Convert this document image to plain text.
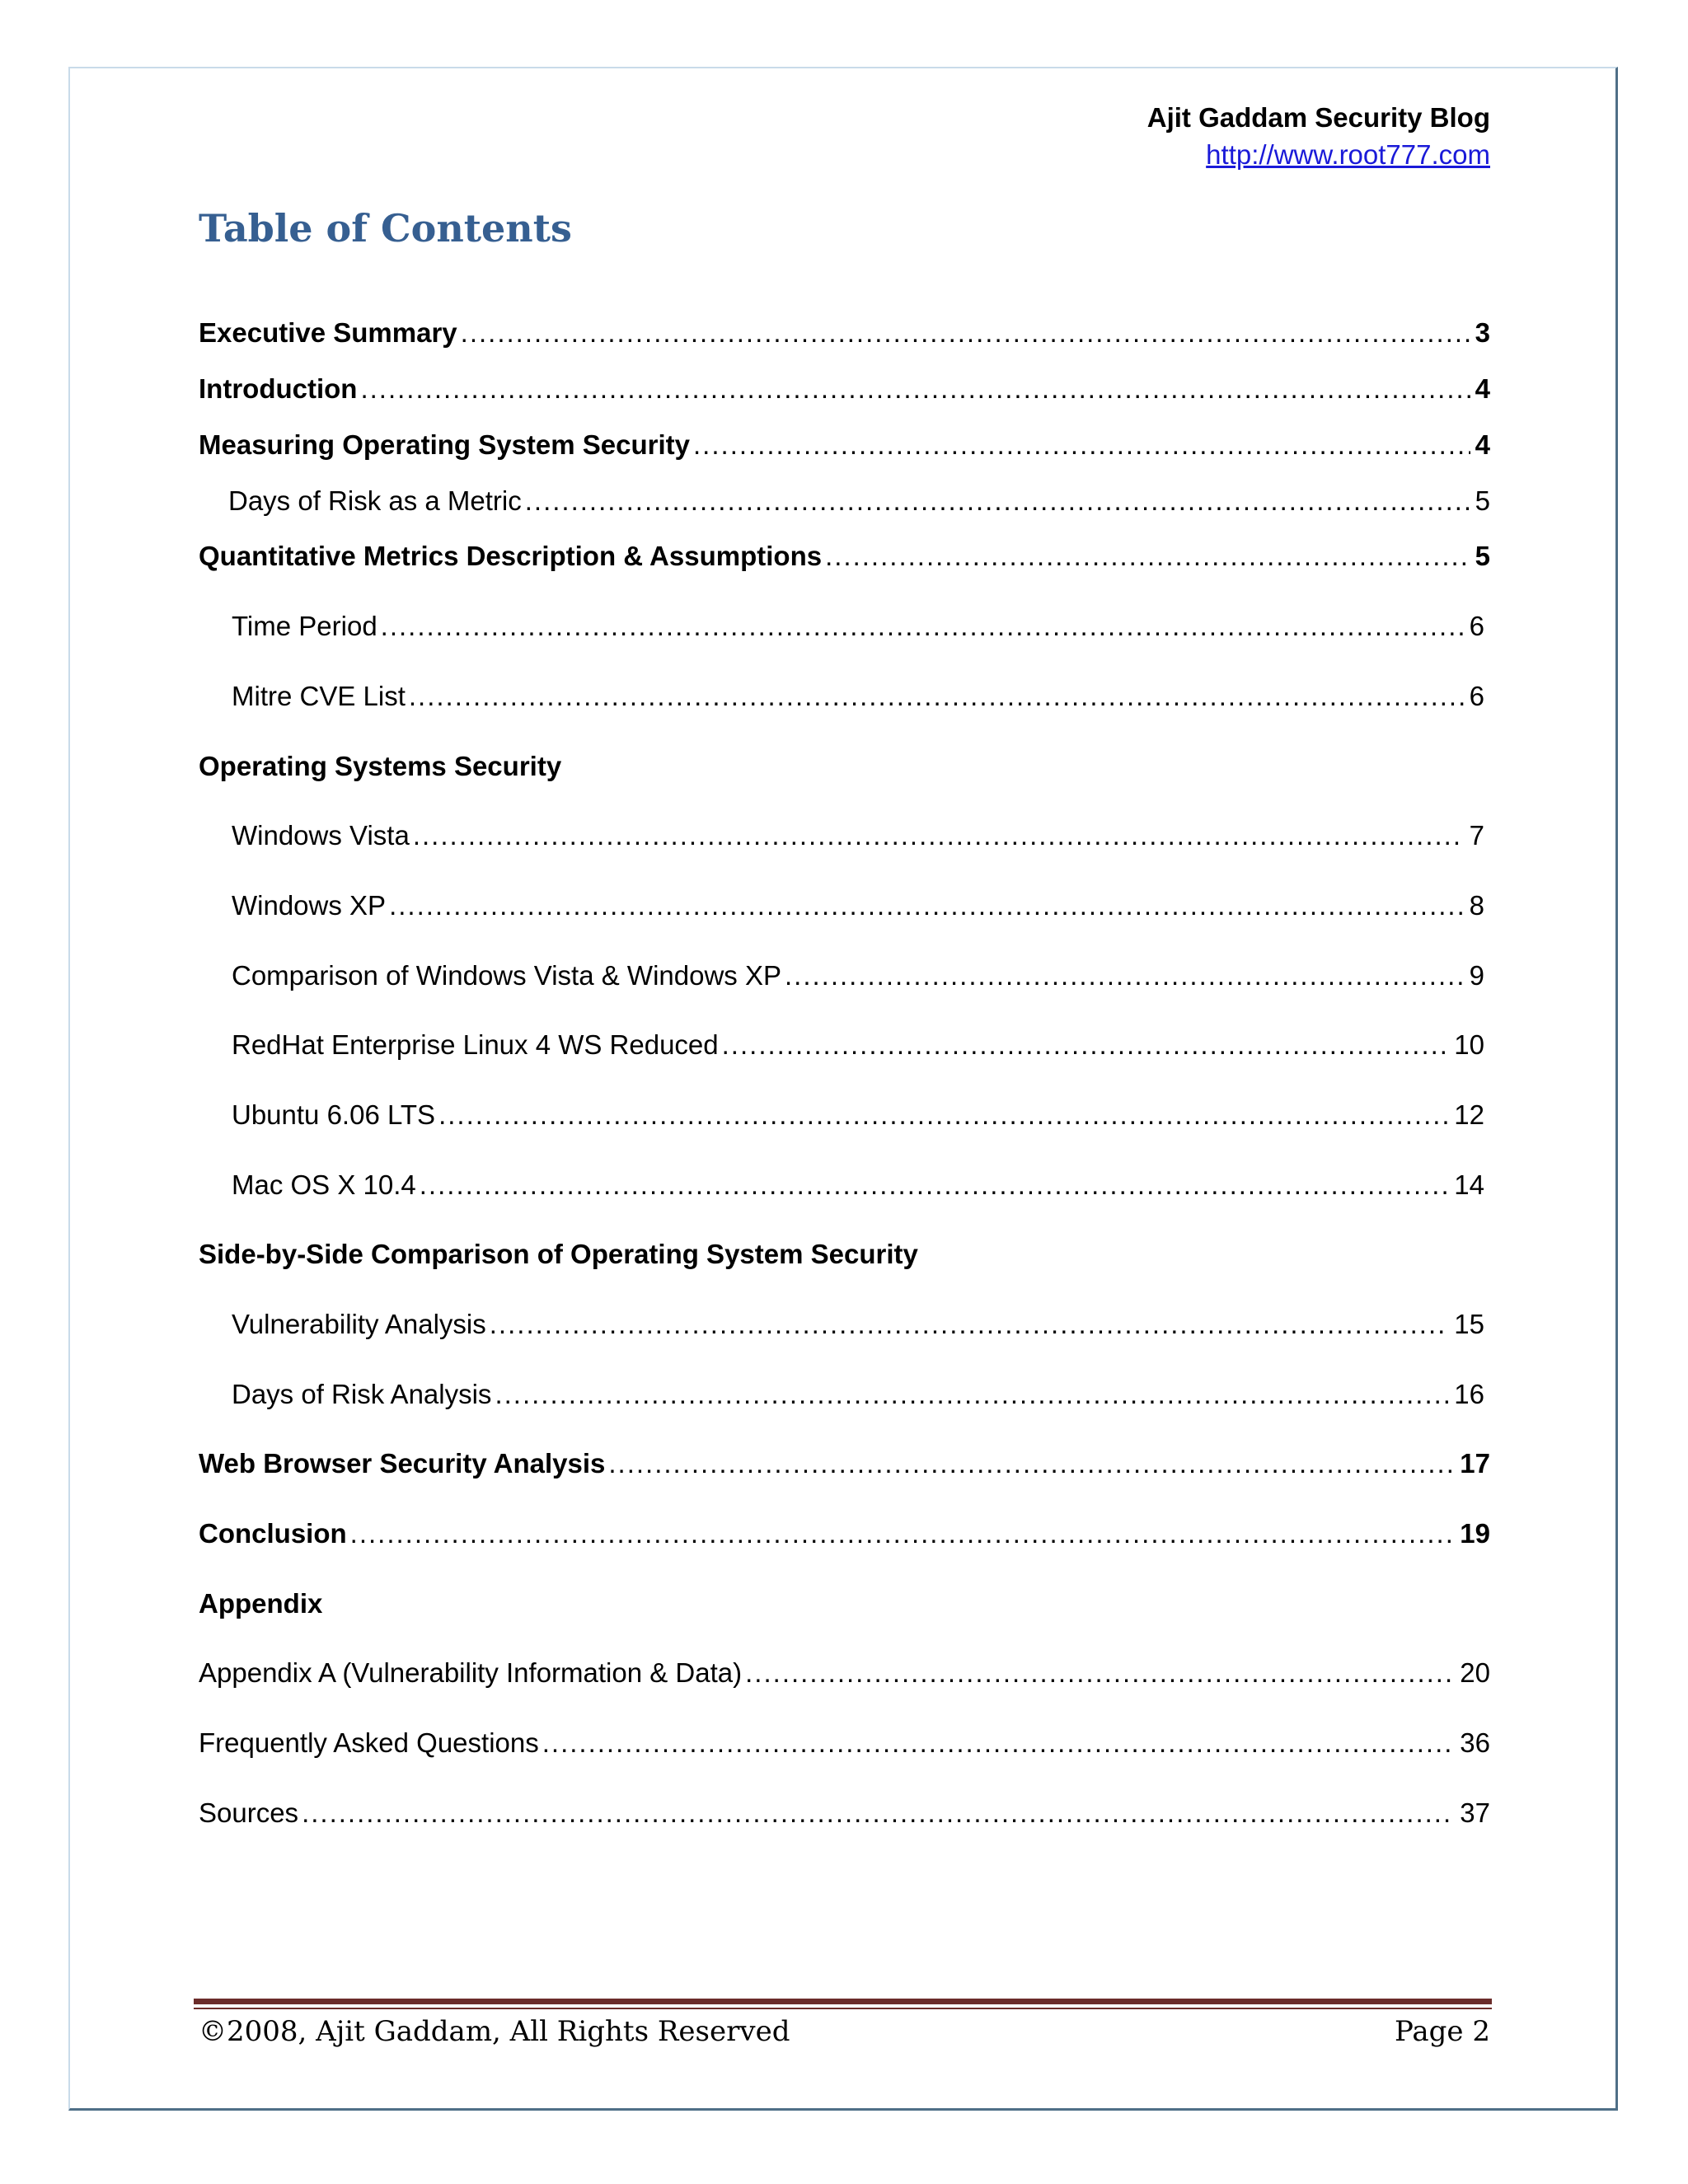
Ajit Gaddam Security Blog
http://www.root777.com
Table of Contents
Executive Summary .....	3
Introduction .....	4
Measuring Operating System Security .....	4
Days of Risk as a Metric .....	5
Quantitative Metrics Description & Assumptions .....	5
Time Period .....	6
Mitre CVE List .....	6
Operating Systems Security
Windows Vista .....	7
Windows XP .....	8
Comparison of Windows Vista & Windows XP .....	9
RedHat Enterprise Linux 4 WS Reduced .....	10
Ubuntu 6.06 LTS .....	12
Mac OS X 10.4 .....	14
Side-by-Side Comparison of Operating System Security
Vulnerability Analysis .....	15
Days of Risk Analysis .....	16
Web Browser Security Analysis .....	17
Conclusion .....	19
Appendix
Appendix A (Vulnerability Information & Data) .....	20
Frequently Asked Questions .....	36
Sources .....	37
©2008, Ajit Gaddam, All Rights Reserved	Page 2
